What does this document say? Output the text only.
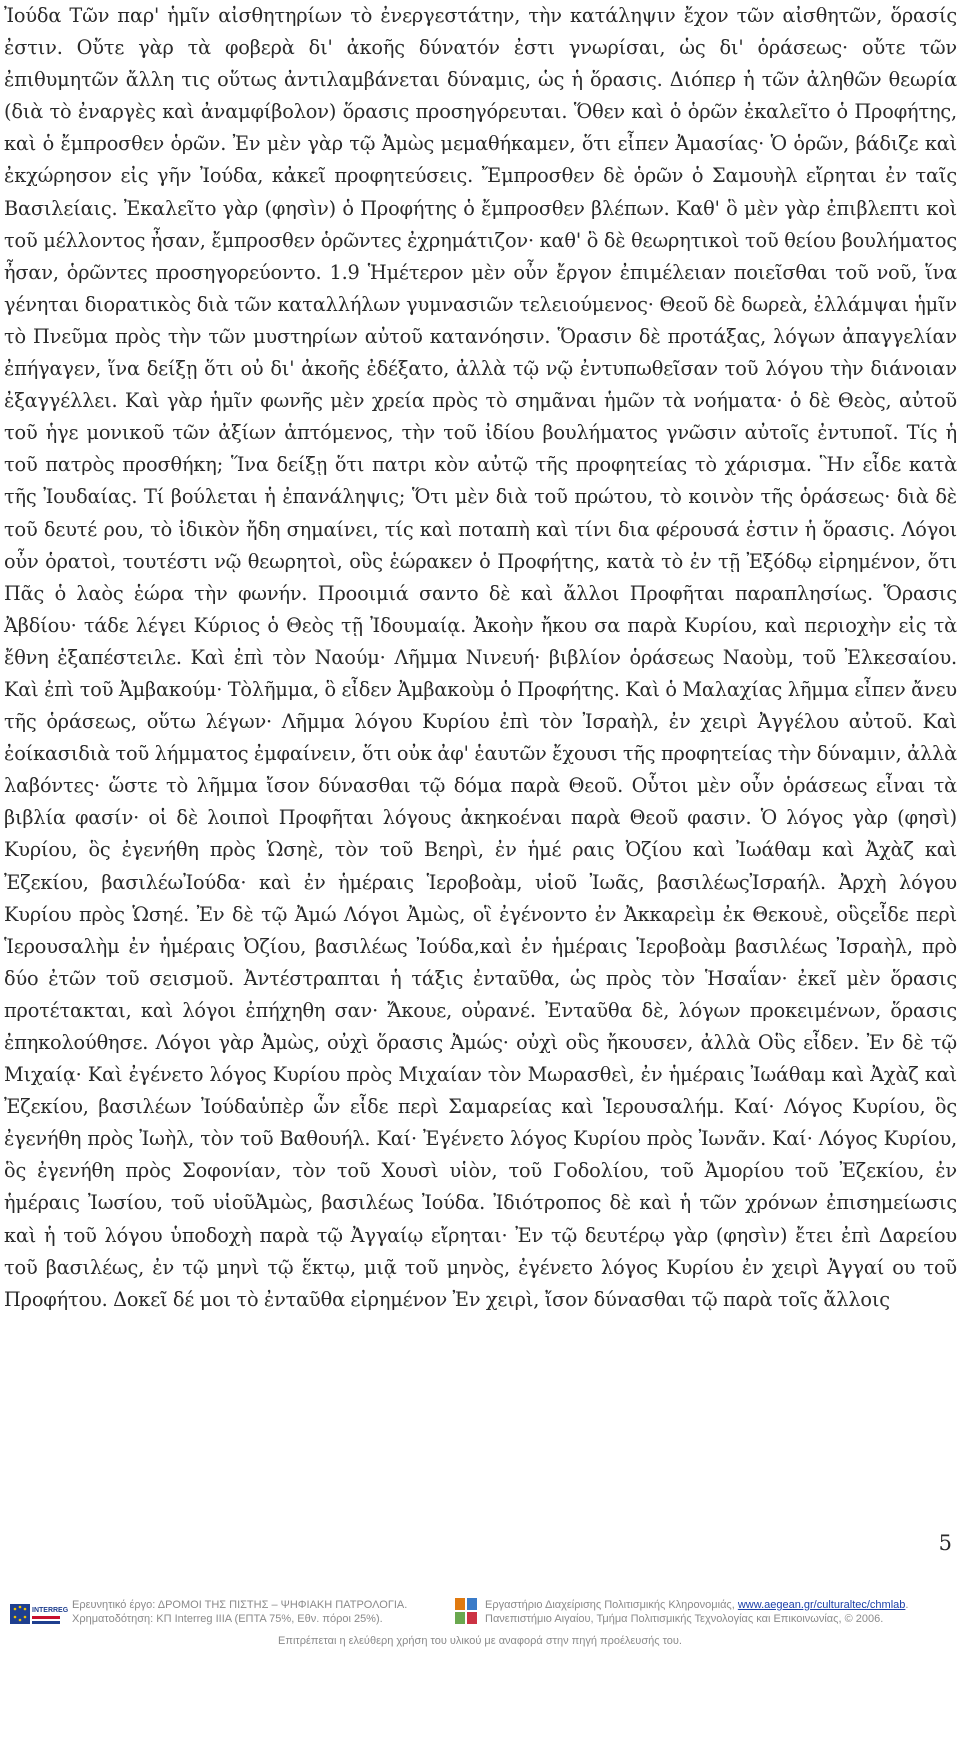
Ἰούδα Τῶν παρ' ἡμῖν αἰσθητηρίων τὸ ἐνεργεστάτην, τὴν κατάληψιν ἔχον τῶν αἰσθητῶν, ὅρασίς ἐστιν. Οὔτε γὰρ τὰ φοβερὰ δι' ἀκοῆς δύνατόν ἐστι γνωρίσαι, ὡς δι' ὁράσεως· οὔτε τῶν ἐπιθυμητῶν ἄλλη τις οὕτως ἀντιλαμβάνεται δύναμις, ὡς ἡ ὅρασις. Διόπερ ἡ τῶν ἀληθῶν θεωρία (διὰ τὸ ἐναργὲς καὶ ἀναμφίβολον) ὅρασις προσηγόρευται. Ὅθεν καὶ ὁ ὁρῶν ἐκαλεῖτο ὁ Προφήτης, καὶ ὁ ἔμπροσθεν ὁρῶν. Ἐν μὲν γὰρ τῷ Ἀμὼς μεμαθήκαμεν, ὅτι εἶπεν Ἀμασίας· Ὁ ὁρῶν, βάδιζε καὶ ἐκχώρησον εἰς γῆν Ἰούδα, κἀκεῖ προφητεύσεις. Ἔμπροσθεν δὲ ὁρῶν ὁ Σαμουὴλ εἴρηται ἐν ταῖς Βασιλείαις. Ἐκαλεῖτο γὰρ (φησὶν) ὁ Προφήτης ὁ ἔμπροσθεν βλέπων. Καθ' ὃ μὲν γὰρ ἐπιβλεπτι κοὶ τοῦ μέλλοντος ἦσαν, ἔμπροσθεν ὁρῶντες ἐχρημάτιζον· καθ' ὃ δὲ θεωρητικοὶ τοῦ θείου βουλήματος ἦσαν, ὁρῶντες προσηγορεύοντο. 1.9 Ἡμέτερον μὲν οὖν ἔργον ἐπιμέλειαν ποιεῖσθαι τοῦ νοῦ, ἵνα γένηται διορατικὸς διὰ τῶν καταλλήλων γυμνασιῶν τελειούμενος· Θεοῦ δὲ δωρεὰ, ἐλλάμψαι ἡμῖν τὸ Πνεῦμα πρὸς τὴν τῶν μυστηρίων αὐτοῦ κατανόησιν. Ὅρασιν δὲ προτάξας, λόγων ἀπαγγελίαν ἐπήγαγεν, ἵνα δείξῃ ὅτι οὐ δι' ἀκοῆς ἐδέξατο, ἀλλὰ τῷ νῷ ἐντυπωθεῖσαν τοῦ λόγου τὴν διάνοιαν ἐξαγγέλλει. Καὶ γὰρ ἡμῖν φωνῆς μὲν χρεία πρὸς τὸ σημᾶναι ἡμῶν τὰ νοήματα· ὁ δὲ Θεὸς, αὐτοῦ τοῦ ἡγε μονικοῦ τῶν ἀξίων ἁπτόμενος, τὴν τοῦ ἰδίου βουλήματος γνῶσιν αὐτοῖς ἐντυποῖ. Τίς ἡ τοῦ πατρὸς προσθήκη; Ἵνα δείξῃ ὅτι πατρι κὸν αὐτῷ τῆς προφητείας τὸ χάρισμα. Ἣν εἶδε κατὰ τῆς Ἰουδαίας. Τί βούλεται ἡ ἐπανάληψις; Ὅτι μὲν διὰ τοῦ πρώτου, τὸ κοινὸν τῆς ὁράσεως· διὰ δὲ τοῦ δευτέ ρου, τὸ ἰδικὸν ἤδη σημαίνει, τίς καὶ ποταπὴ καὶ τίνι δια φέρουσά ἐστιν ἡ ὅρασις. Λόγοι οὖν ὁρατοὶ, τουτέστι νῷ θεωρητοὶ, οὓς ἑώρακεν ὁ Προφήτης, κατὰ τὸ ἐν τῇ Ἐξόδῳ εἰρημένον, ὅτι Πᾶς ὁ λαὸς ἑώρα τὴν φωνήν. Προοιμιά σαντο δὲ καὶ ἄλλοι Προφῆται παραπλησίως. Ὅρασις Ἀβδίου· τάδε λέγει Κύριος ὁ Θεὸς τῇ Ἰδουμαίᾳ. Ἀκοὴν ἤκου σα παρὰ Κυρίου, καὶ περιοχὴν εἰς τὰ ἔθνη ἐξαπέστειλε. Καὶ ἐπὶ τὸν Ναούμ· Λῆμμα Νινευή· βιβλίον ὁράσεως Ναοὺμ, τοῦ Ἐλκεσαίου. Καὶ ἐπὶ τοῦ Ἀμβακούμ· Τὸλῆμμα, ὃ εἶδεν Ἀμβακοὺμ ὁ Προφήτης. Καὶ ὁ Μαλαχίας λῆμμα εἶπεν ἄνευ τῆς ὁράσεως, οὕτω λέγων· Λῆμμα λόγου Κυρίου ἐπὶ τὸν Ἰσραὴλ, ἐν χειρὶ Ἀγγέλου αὐτοῦ. Καὶ ἐοίκασιδιὰ τοῦ λήμματος ἐμφαίνειν, ὅτι οὐκ ἀφ' ἑαυτῶν ἔχουσι τῆς προφητείας τὴν δύναμιν, ἀλλὰ λαβόντες· ὥστε τὸ λῆμμα ἴσον δύνασθαι τῷ δόμα παρὰ Θεοῦ. Οὗτοι μὲν οὖν ὁράσεως εἶναι τὰ βιβλία φασίν· οἱ δὲ λοιποὶ Προφῆται λόγους ἀκηκοέναι παρὰ Θεοῦ φασιν. Ὁ λόγος γὰρ (φησὶ) Κυρίου, ὃς ἐγενήθη πρὸς Ὡσηὲ, τὸν τοῦ Βεηρὶ, ἐν ἡμέ ραις Ὀζίου καὶ Ἰωάθαμ καὶ Ἀχὰζ καὶ Ἐζεκίου, βασιλέωἸούδα· καὶ ἐν ἡμέραις Ἱεροβοὰμ, υἱοῦ Ἰωᾶς, βασιλέωςἸσραήλ. Ἀρχὴ λόγου Κυρίου πρὸς Ὡσηέ. Ἐν δὲ τῷ Ἀμώ Λόγοι Ἀμὼς, οἳ ἐγένοντο ἐν Ἀκκαρεὶμ ἐκ Θεκουὲ, οὓςεἶδε περὶ Ἱερουσαλὴμ ἐν ἡμέραις Ὀζίου, βασιλέως Ἰούδα,καὶ ἐν ἡμέραις Ἱεροβοὰμ βασιλέως Ἰσραὴλ, πρὸ δύο ἐτῶν τοῦ σεισμοῦ. Ἀντέστραπται ἡ τάξις ἐνταῦθα, ὡς πρὸς τὸν Ἡσαΐαν· ἐκεῖ μὲν ὅρασις προτέτακται, καὶ λόγοι ἐπήχηθη σαν· Ἄκουε, οὐρανέ. Ἐνταῦθα δὲ, λόγων προκειμένων, ὅρασις ἐπηκολούθησε. Λόγοι γὰρ Ἀμὼς, οὐχὶ ὅρασις Ἀμώς· οὐχὶ οὓς ἤκουσεν, ἀλλὰ Οὓς εἶδεν. Ἐν δὲ τῷ Μιχαίᾳ· Καὶ ἐγένετο λόγος Κυρίου πρὸς Μιχαίαν τὸν Μωρασθεὶ, ἐν ἡμέραις Ἰωάθαμ καὶ Ἀχὰζ καὶ Ἐζεκίου, βασιλέων Ἰούδαὑπὲρ ὧν εἶδε περὶ Σαμαρείας καὶ Ἱερουσαλήμ. Καί· Λόγος Κυρίου, ὃς ἐγενήθη πρὸς Ἰωὴλ, τὸν τοῦ Βαθουήλ. Καί· Ἐγένετο λόγος Κυρίου πρὸς Ἰωνᾶν. Καί· Λόγος Κυρίου, ὃς ἐγενήθη πρὸς Σοφονίαν, τὸν τοῦ Χουσὶ υἱὸν, τοῦ Γοδολίου, τοῦ Ἀμορίου τοῦ Ἐζεκίου, ἐν ἡμέραις Ἰωσίου, τοῦ υἱοῦἈμὼς, βασιλέως Ἰούδα. Ἰδιότροπος δὲ καὶ ἡ τῶν χρόνων ἐπισημείωσις καὶ ἡ τοῦ λόγου ὑποδοχὴ παρὰ τῷ Ἀγγαίῳ εἴρηται· Ἐν τῷ δευτέρῳ γὰρ (φησὶν) ἔτει ἐπὶ Δαρείου τοῦ βασιλέως, ἐν τῷ μηνὶ τῷ ἕκτῳ, μιᾷ τοῦ μηνὸς, ἐγένετο λόγος Κυρίου ἐν χειρὶ Ἀγγαί ου τοῦ Προφήτου. Δοκεῖ δέ μοι τὸ ἐνταῦθα εἰρημένον Ἐν χειρὶ, ἴσον δύνασθαι τῷ παρὰ τοῖς ἄλλοις

5
INTERREG Ερευνητικό έργο: ΔΡΟΜΟΙ ΤΗΣ ΠΙΣΤΗΣ – ΨΗΦΙΑΚΗ ΠΑΤΡΟΛΟΓΙΑ.
Χρηματοδότηση: ΚΠ Interreg IIIA (ΕΠΤΑ 75%, Εθν. πόροι 25%).
Εργαστήριο Διαχείρισης Πολιτισμικής Κληρονομιάς, www.aegean.gr/culturaltec/chmlab.
Πανεπιστήμιο Αιγαίου, Τμήμα Πολιτισμικής Τεχνολογίας και Επικοινωνίας, © 2006.
Επιτρέπεται η ελεύθερη χρήση του υλικού με αναφορά στην πηγή προέλευσής του.
